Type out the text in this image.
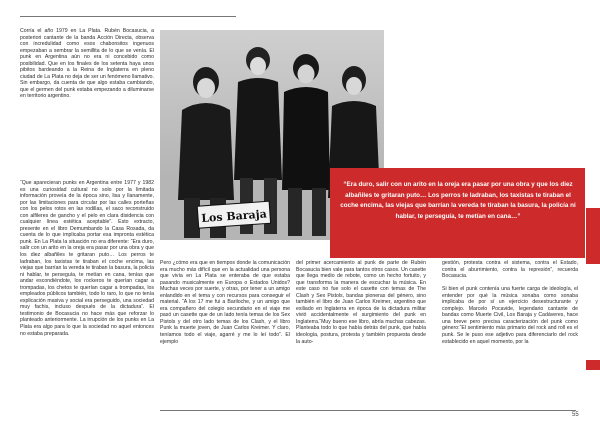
Corría el año 1979 en La Plata. Rubén Bocasucia, a posteriori cantante de la banda Acción Directa, observa con incredulidad como esos chabonsitos ingenuos empezaban a sembrar la semillita de lo que se venía. El punk en Argentina aún no era ni concebido como posibilidad. Que en los finales de los setenta haya unos pibitos bardeando a la Reina de Inglaterra en pleno ciudad de La Plata no deja de ser un fenómeno llamativo. Sin embargo, da cuenta de que algo estaba cambiando, que el germen del punk estaba empezando a diluminarse en territorio argentino.

“Que aparecieran punks en Argentina entre 1977 y 1982 es una curiosidad cultural no solo por la limitada información proveía de la época sino, lisa y llanamente, por las limitaciones para circular por las calles porteñas con los pelos rotos en las rodillas, el saco reconstruido con alfileres de gancho y el pelo en clara disidencia con cualquier línea estética aceptable”. Esto extracto, presente en el libro Demumbando la Casa Rosada, da cuenta de lo que implicaba portar esa impronta estética punk. En La Plata la situación no era diferente: “Era duro, salir con un arito en la oreja era pasar por una obra y que los diez albañiles te gritaran puto… Los perros te ladraban, los taxistas te tiraban el coche encima, las viejas que barrían la vereda te tiraban la basura, la policía ni hablar, te perseguía, te metían en cana, tenías que andar escondiéndote, los rockeros te querían cagar a trompadas, los chetos te querían cagar a trompadas, los empleados públicos también, todo lo raro, lo que no tenía explicación masiva y social era perseguido, una sociedad muy fachis, incluso después de la dictadura”. El testimonio de Bocasucia no hace más que reforzar lo planteado anteriormente. La irrupción de los punks en La Plata era algo para lo que la sociedad no aquel entonces no estaba preparada.

Los Baraja
“Era duro, salir con un arito en la oreja era pasar por una obra y que los diez albañiles te gritaran puto… Los perros te ladraban, los taxistas te tiraban el coche encima, las viejas que barrían la vereda te tiraban la basura, la policía ni hablar, te perseguía, te metían en cana…”

Pero ¿cómo era que en tiempos donde la comunicación era mucho más difícil que en la actualidad una persona que vivía en La Plata se enteraba de que estaba pasando musicalmente en Europa o Estados Unidos? Muchas veces por suerte, y otras, por tener a un amigo enlandido en el tema y con recursos para conseguir el material. “A los 17 me fui a Bariloche, y un amigo que era compañero del colegio secundario en el viaje me pasó un casette que de un lado tenía temas de los Sex Pistols y del otro lado temas de los Clash, y el libro Punk la muerte joven, de Juan Carlos Kreimer. Y claro, teníamos todo el viaje, agarré y me lo leí todo”. El ejemplo

del primer acercamiento al punk de parte de Rubén Bocasucia bien vale para tantos otros casos. Un casette que llega medio de rebote, como un hecho fortuito, y que transforma la manera de escuchar la música. En este caso no fue solo el casette con temas de The Clash y Sex Pistols, bandas pioneras del género, sino también el libro de Juan Carlos Kreimer, argentino que exiliado en Inglaterra en época de la dictadura militar vivió accidentalmente el surgimiento del punk en Inglaterra.“Muy bueno ese libro, abría muchas cabezas. Planteaba todo lo que había detrás del punk, que había ideología, postura, protesta y también propuesta desde la auto-

gestión, protesta contra el sistema, contra el Estado, contra el aburrimiento, contra la represión”, recuerda Bocasucia.

Si bien el punk contenía una fuerte carga de ideología, el entender por qué la música sonaba como sonaba implicaba de por sí un ejercicio desestructurante y complejo. Marcelo Pocavide, legendario cantante de bandas como Muerte Civil, Los Baraja y Cadáveres, hace una breve pero precisa caracterización del punk como género:“El sentimiento más primario del rock and roll es el punk. Se le puso ese adjetivo para diferenciarlo del rock establecido en aquel momento, por la

55
